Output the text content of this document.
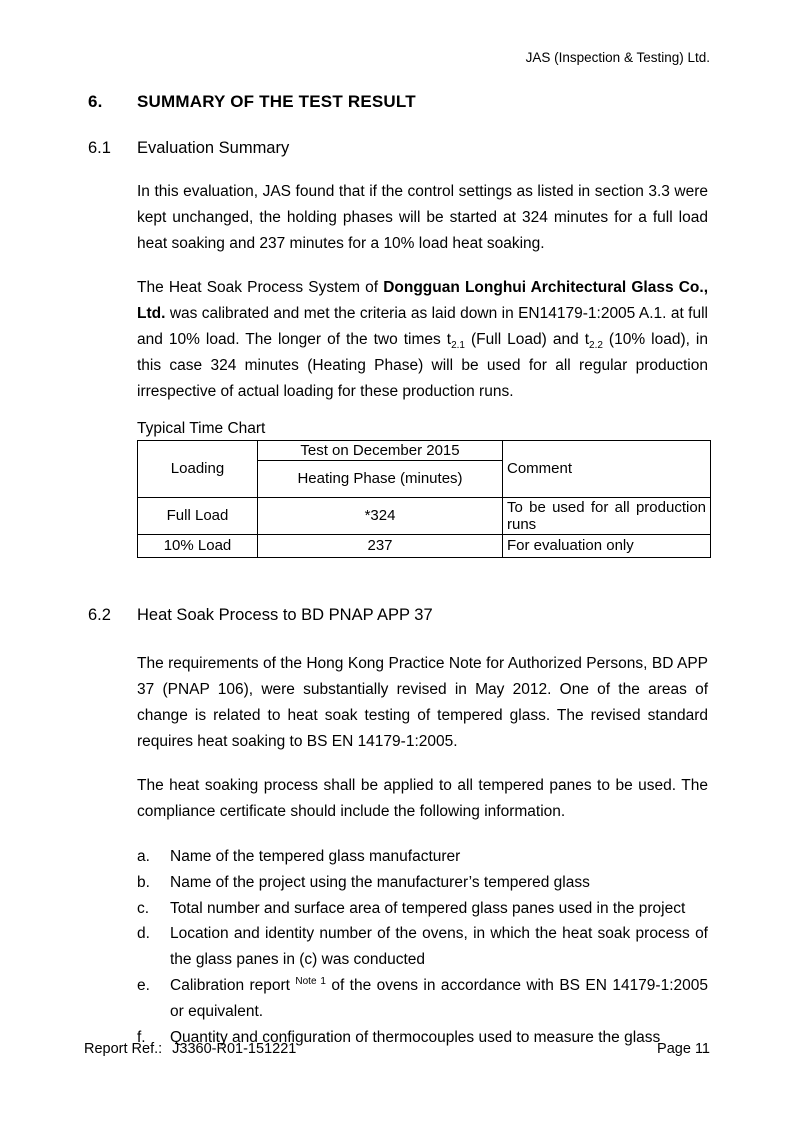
JAS (Inspection & Testing) Ltd.
6.	SUMMARY OF THE TEST RESULT
6.1	Evaluation Summary

In this evaluation, JAS found that if the control settings as listed in section 3.3 were kept unchanged, the holding phases will be started at 324 minutes for a full load heat soaking and 237 minutes for a 10% load heat soaking.

The Heat Soak Process System of Dongguan Longhui Architectural Glass Co., Ltd. was calibrated and met the criteria as laid down in EN14179-1:2005 A.1. at full and 10% load. The longer of the two times $t_{2.1}$ (Full Load) and $t_{2.2}$ (10% load), in this case 324 minutes (Heating Phase) will be used for all regular production irrespective of actual loading for these production runs.

Typical Time Chart
Loading	Test on December 2015	Comment
	Heating Phase (minutes)	
Full Load	*324	To be used for all production runs
10% Load	237	For evaluation only
6.2	Heat Soak Process to BD PNAP APP 37

The requirements of the Hong Kong Practice Note for Authorized Persons, BD APP 37 (PNAP 106), were substantially revised in May 2012. One of the areas of change is related to heat soak testing of tempered glass. The revised standard requires heat soaking to BS EN 14179-1:2005.

The heat soaking process shall be applied to all tempered panes to be used. The compliance certificate should include the following information.

a.	Name of the tempered glass manufacturer
b.	Name of the project using the manufacturer’s tempered glass
c.	Total number and surface area of tempered glass panes used in the project
d.	Location and identity number of the ovens, in which the heat soak process of the glass panes in (c) was conducted
e.	Calibration report $^{Note 1}$ of the ovens in accordance with BS EN 14179-1:2005 or equivalent.
f.	Quantity and configuration of thermocouples used to measure the glass
Report Ref.: J3360-R01-151221	Page 11
